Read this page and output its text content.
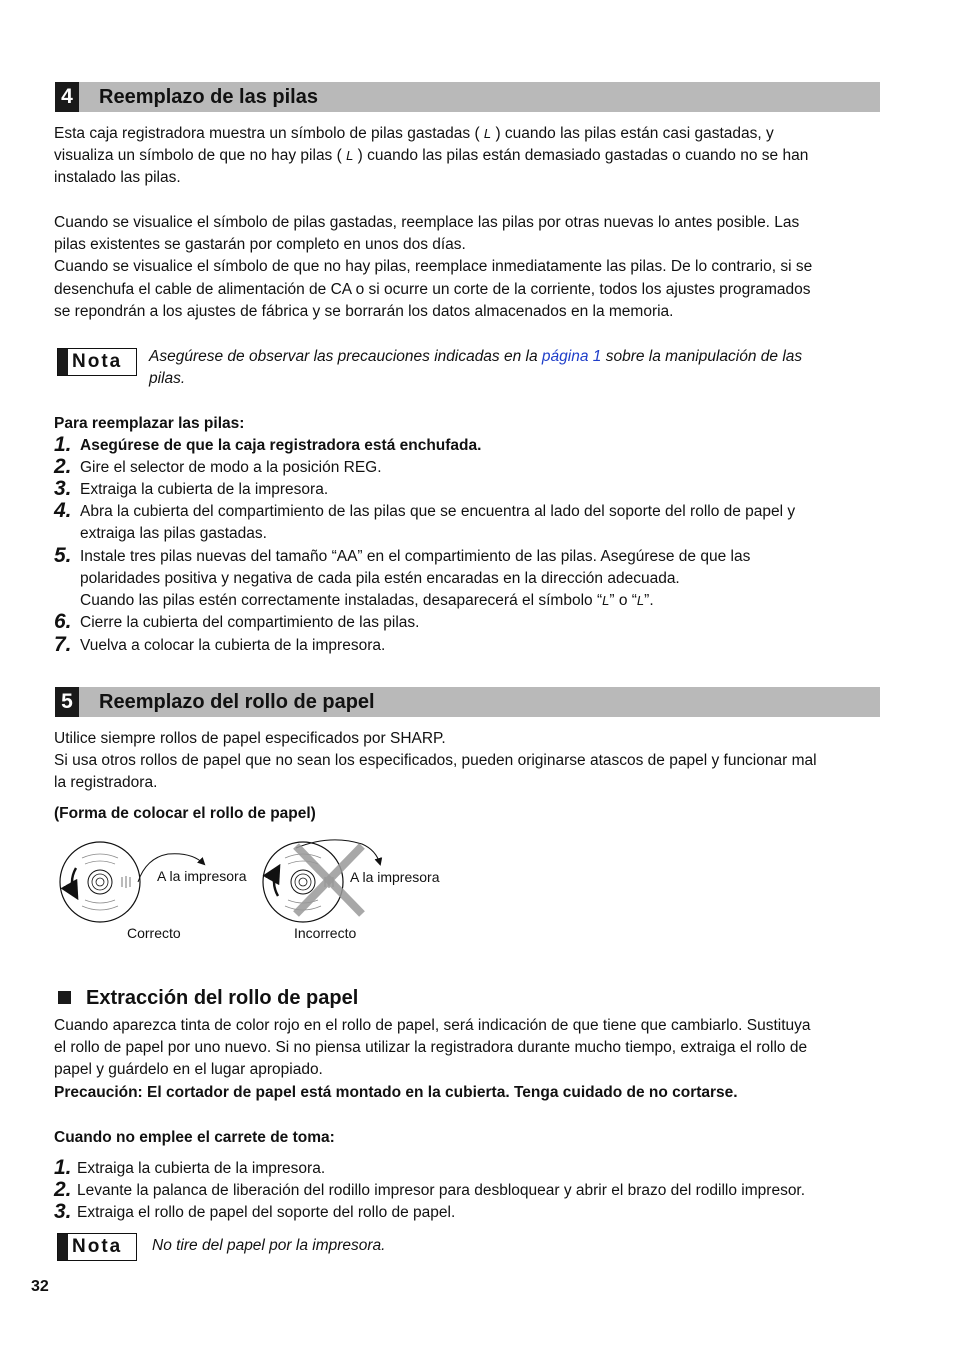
4	Reemplazo de las pilas
Esta caja registradora muestra un símbolo de pilas gastadas ( L ) cuando las pilas están casi gastadas, y
visualiza un símbolo de que no hay pilas ( L ) cuando las pilas están demasiado gastadas o cuando no se han
instalado las pilas.
Cuando se visualice el símbolo de pilas gastadas, reemplace las pilas por otras nuevas lo antes posible. Las
pilas existentes se gastarán por completo en unos dos días.
Cuando se visualice el símbolo de que no hay pilas, reemplace inmediatamente las pilas. De lo contrario, si se
desenchufa el cable de alimentación de CA o si ocurre un corte de la corriente, todos los ajustes programados
se repondrán a los ajustes de fábrica y se borrarán los datos almacenados en la memoria.
Nota Asegúrese de observar las precauciones indicadas en la página 1 sobre la manipulación de las
pilas.
Para reemplazar las pilas:
1. Asegúrese de que la caja registradora está enchufada.
2. Gire el selector de modo a la posición REG.
3. Extraiga la cubierta de la impresora.
4. Abra la cubierta del compartimiento de las pilas que se encuentra al lado del soporte del rollo de papel y
extraiga las pilas gastadas.
5. Instale tres pilas nuevas del tamaño “AA” en el compartimiento de las pilas. Asegúrese de que las
polaridades positiva y negativa de cada pila estén encaradas en la dirección adecuada.
Cuando las pilas estén correctamente instaladas, desaparecerá el símbolo “L” o “L”.
6. Cierre la cubierta del compartimiento de las pilas.
7. Vuelva a colocar la cubierta de la impresora.
5	Reemplazo del rollo de papel
Utilice siempre rollos de papel especificados por SHARP.
Si usa otros rollos de papel que no sean los especificados, pueden originarse atascos de papel y funcionar mal
la registradora.
(Forma de colocar el rollo de papel)
A la impresora
Correcto
A la impresora
Incorrecto
Extracción del rollo de papel
Cuando aparezca tinta de color rojo en el rollo de papel, será indicación de que tiene que cambiarlo. Sustituya
el rollo de papel por uno nuevo. Si no piensa utilizar la registradora durante mucho tiempo, extraiga el rollo de
papel y guárdelo en el lugar apropiado.
Precaución: El cortador de papel está montado en la cubierta. Tenga cuidado de no cortarse.
Cuando no emplee el carrete de toma:
1. Extraiga la cubierta de la impresora.
2. Levante la palanca de liberación del rodillo impresor para desbloquear y abrir el brazo del rodillo impresor.
3. Extraiga el rollo de papel del soporte del rollo de papel.
Nota No tire del papel por la impresora.
32
